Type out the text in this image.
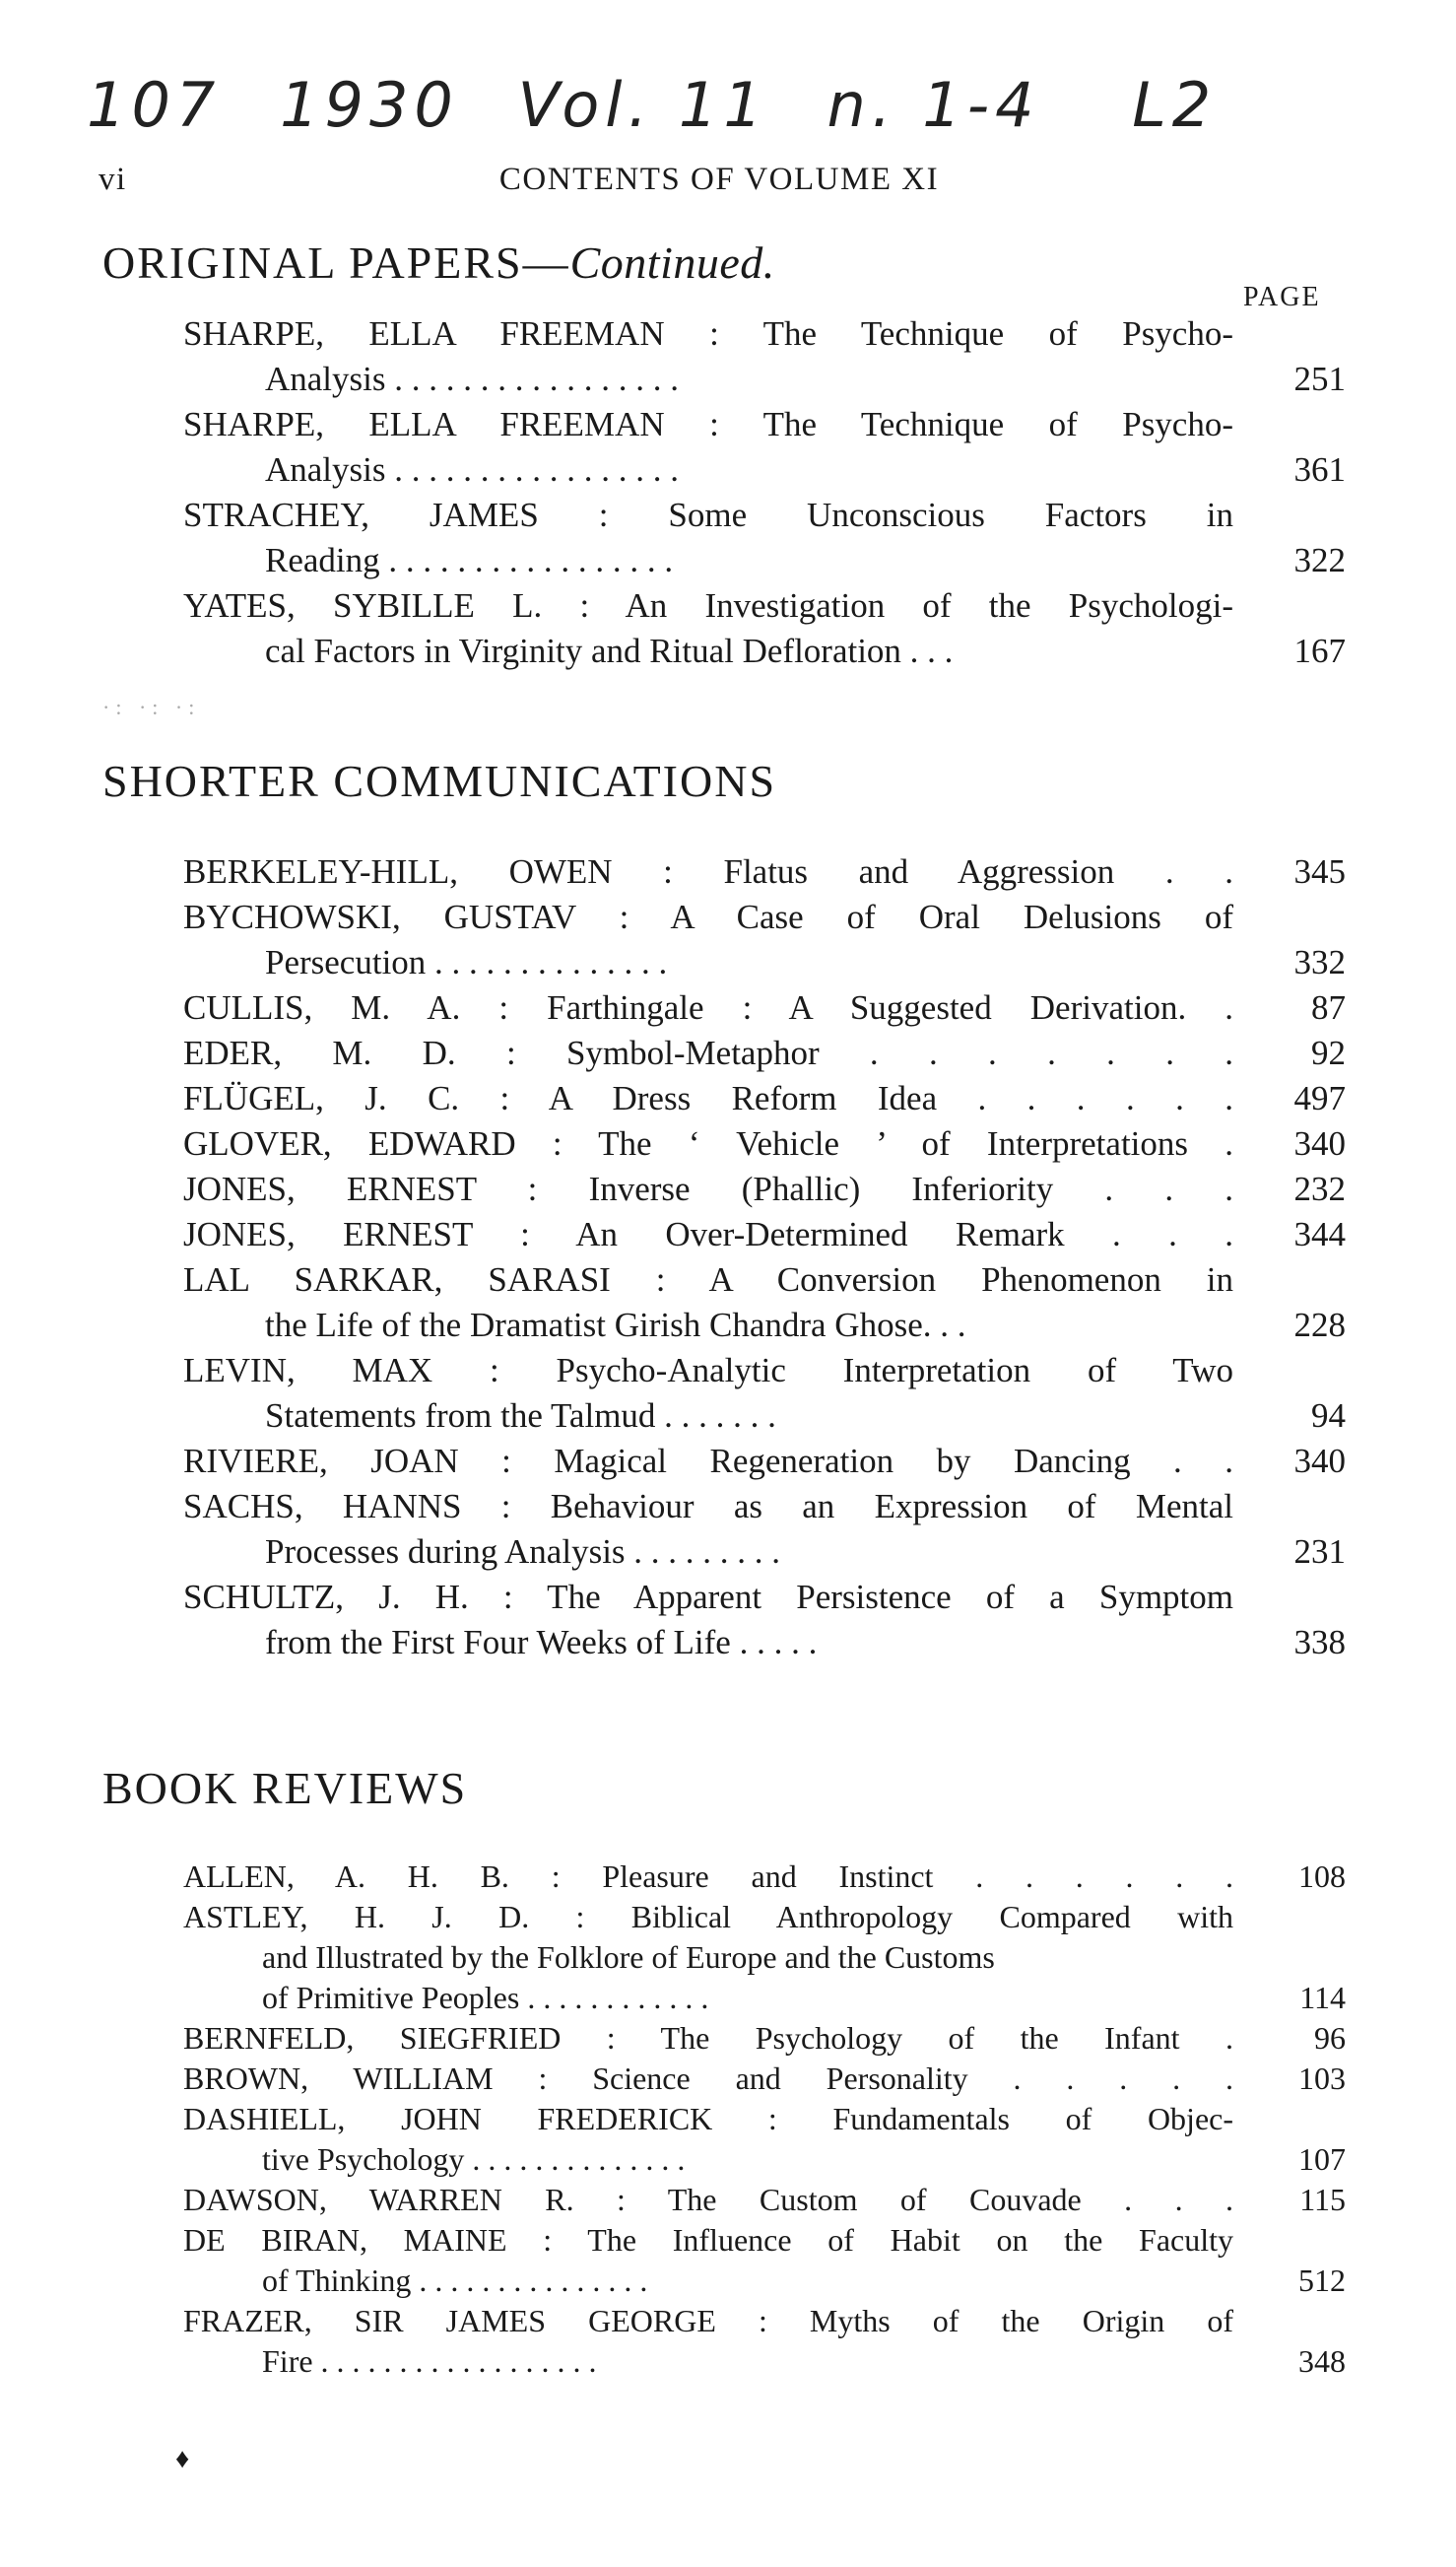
107 1930 Vol. 11 n. 1-4 L2
vi	CONTENTS OF VOLUME XI
ORIGINAL PAPERS—Continued.
PAGE
SHARPE, ELLA FREEMAN : The Technique of Psycho-
Analysis . . . . . . . . . . . . . . . . .	251
SHARPE, ELLA FREEMAN : The Technique of Psycho-
Analysis . . . . . . . . . . . . . . . . .	361
STRACHEY, JAMES : Some Unconscious Factors in
Reading . . . . . . . . . . . . . . . . .	322
YATES, SYBILLE L. : An Investigation of the Psychologi-
cal Factors in Virginity and Ritual Defloration . . .	167
·: ·: ·:
SHORTER COMMUNICATIONS
BERKELEY-HILL, OWEN : Flatus and Aggression . .	345
BYCHOWSKI, GUSTAV : A Case of Oral Delusions of
Persecution . . . . . . . . . . . . . .	332
CULLIS, M. A. : Farthingale : A Suggested Derivation. .	87
EDER, M. D. : Symbol-Metaphor . . . . . . .	92
FLÜGEL, J. C. : A Dress Reform Idea . . . . . .	497
GLOVER, EDWARD : The ‘ Vehicle ’ of Interpretations .	340
JONES, ERNEST : Inverse (Phallic) Inferiority . . .	232
JONES, ERNEST : An Over-Determined Remark . . .	344
LAL SARKAR, SARASI : A Conversion Phenomenon in
the Life of the Dramatist Girish Chandra Ghose. . .	228
LEVIN, MAX : Psycho-Analytic Interpretation of Two
Statements from the Talmud . . . . . . .	94
RIVIERE, JOAN : Magical Regeneration by Dancing . .	340
SACHS, HANNS : Behaviour as an Expression of Mental
Processes during Analysis . . . . . . . . .	231
SCHULTZ, J. H. : The Apparent Persistence of a Symptom
from the First Four Weeks of Life . . . . .	338
BOOK REVIEWS
ALLEN, A. H. B. : Pleasure and Instinct . . . . . .	108
ASTLEY, H. J. D. : Biblical Anthropology Compared with
and Illustrated by the Folklore of Europe and the Customs
of Primitive Peoples . . . . . . . . . . . .	114
BERNFELD, SIEGFRIED : The Psychology of the Infant .	96
BROWN, WILLIAM : Science and Personality . . . . .	103
DASHIELL, JOHN FREDERICK : Fundamentals of Objec-
tive Psychology . . . . . . . . . . . . . .	107
DAWSON, WARREN R. : The Custom of Couvade . . .	115
DE BIRAN, MAINE : The Influence of Habit on the Faculty
of Thinking . . . . . . . . . . . . . . .	512
FRAZER, SIR JAMES GEORGE : Myths of the Origin of
Fire . . . . . . . . . . . . . . . . . .	348
♦
